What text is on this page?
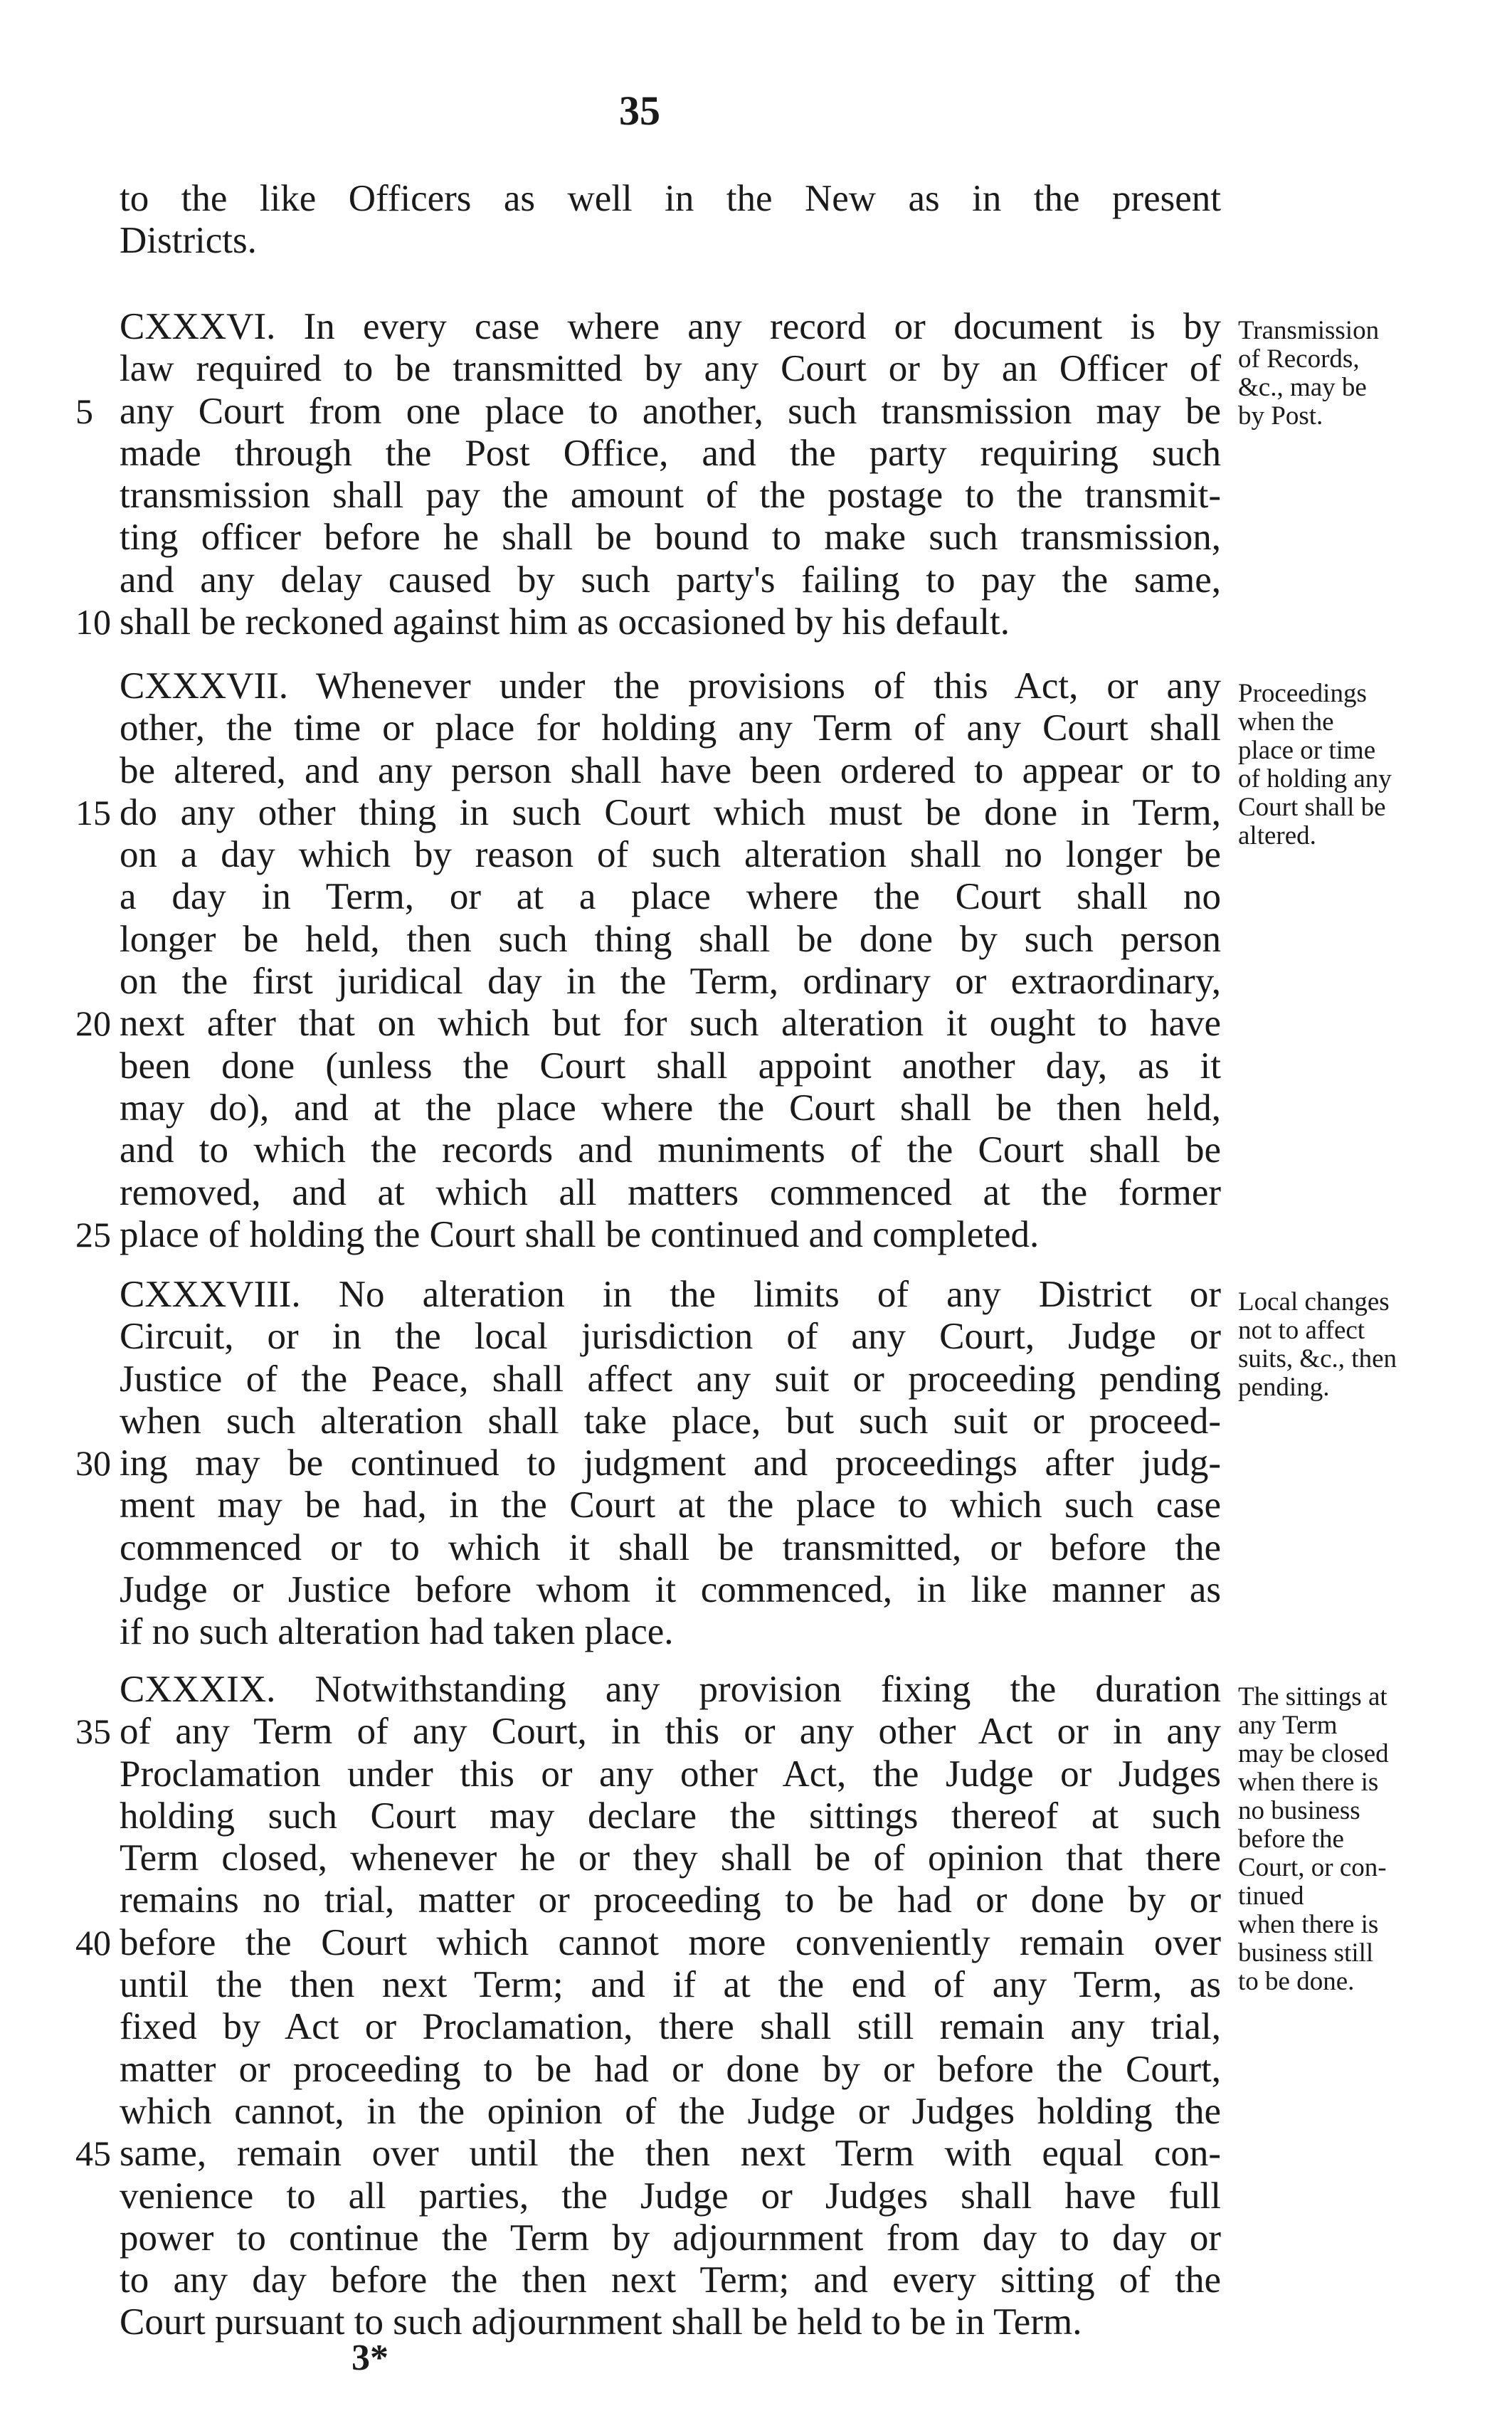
35
to the like Officers as well in the New as in the present
Districts.
CXXXVI. In every case where any record or document is by
law required to be transmitted by any Court or by an Officer of
any Court from one place to another, such transmission may be
5
made through the Post Office, and the party requiring such
transmission shall pay the amount of the postage to the transmit-
ting officer before he shall be bound to make such transmission,
and any delay caused by such party's failing to pay the same,
shall be reckoned against him as occasioned by his default.
10
CXXXVII. Whenever under the provisions of this Act, or any
other, the time or place for holding any Term of any Court shall
be altered, and any person shall have been ordered to appear or to
do any other thing in such Court which must be done in Term,
15
on a day which by reason of such alteration shall no longer be
a day in Term, or at a place where the Court shall no
longer be held, then such thing shall be done by such person
on the first juridical day in the Term, ordinary or extraordinary,
next after that on which but for such alteration it ought to have
20
been done (unless the Court shall appoint another day, as it
may do), and at the place where the Court shall be then held,
and to which the records and muniments of the Court shall be
removed, and at which all matters commenced at the former
place of holding the Court shall be continued and completed.
25
CXXXVIII. No alteration in the limits of any District or
Circuit, or in the local jurisdiction of any Court, Judge or
Justice of the Peace, shall affect any suit or proceeding pending
when such alteration shall take place, but such suit or proceed-
ing may be continued to judgment and proceedings after judg-
30
ment may be had, in the Court at the place to which such case
commenced or to which it shall be transmitted, or before the
Judge or Justice before whom it commenced, in like manner as
if no such alteration had taken place.
CXXXIX. Notwithstanding any provision fixing the duration
of any Term of any Court, in this or any other Act or in any
35
Proclamation under this or any other Act, the Judge or Judges
holding such Court may declare the sittings thereof at such
Term closed, whenever he or they shall be of opinion that there
remains no trial, matter or proceeding to be had or done by or
before the Court which cannot more conveniently remain over
40
until the then next Term; and if at the end of any Term, as
fixed by Act or Proclamation, there shall still remain any trial,
matter or proceeding to be had or done by or before the Court,
which cannot, in the opinion of the Judge or Judges holding the
same, remain over until the then next Term with equal con-
45
venience to all parties, the Judge or Judges shall have full
power to continue the Term by adjournment from day to day or
to any day before the then next Term; and every sitting of the
Court pursuant to such adjournment shall be held to be in Term.
Transmission
of Records,
&c., may be
by Post.
Proceedings
when the
place or time
of holding any
Court shall be
altered.
Local changes
not to affect
suits, &c., then
pending.
The sittings at
any Term
may be closed
when there is
no business
before the
Court, or con-
tinued
when there is
business still
to be done.
3*
